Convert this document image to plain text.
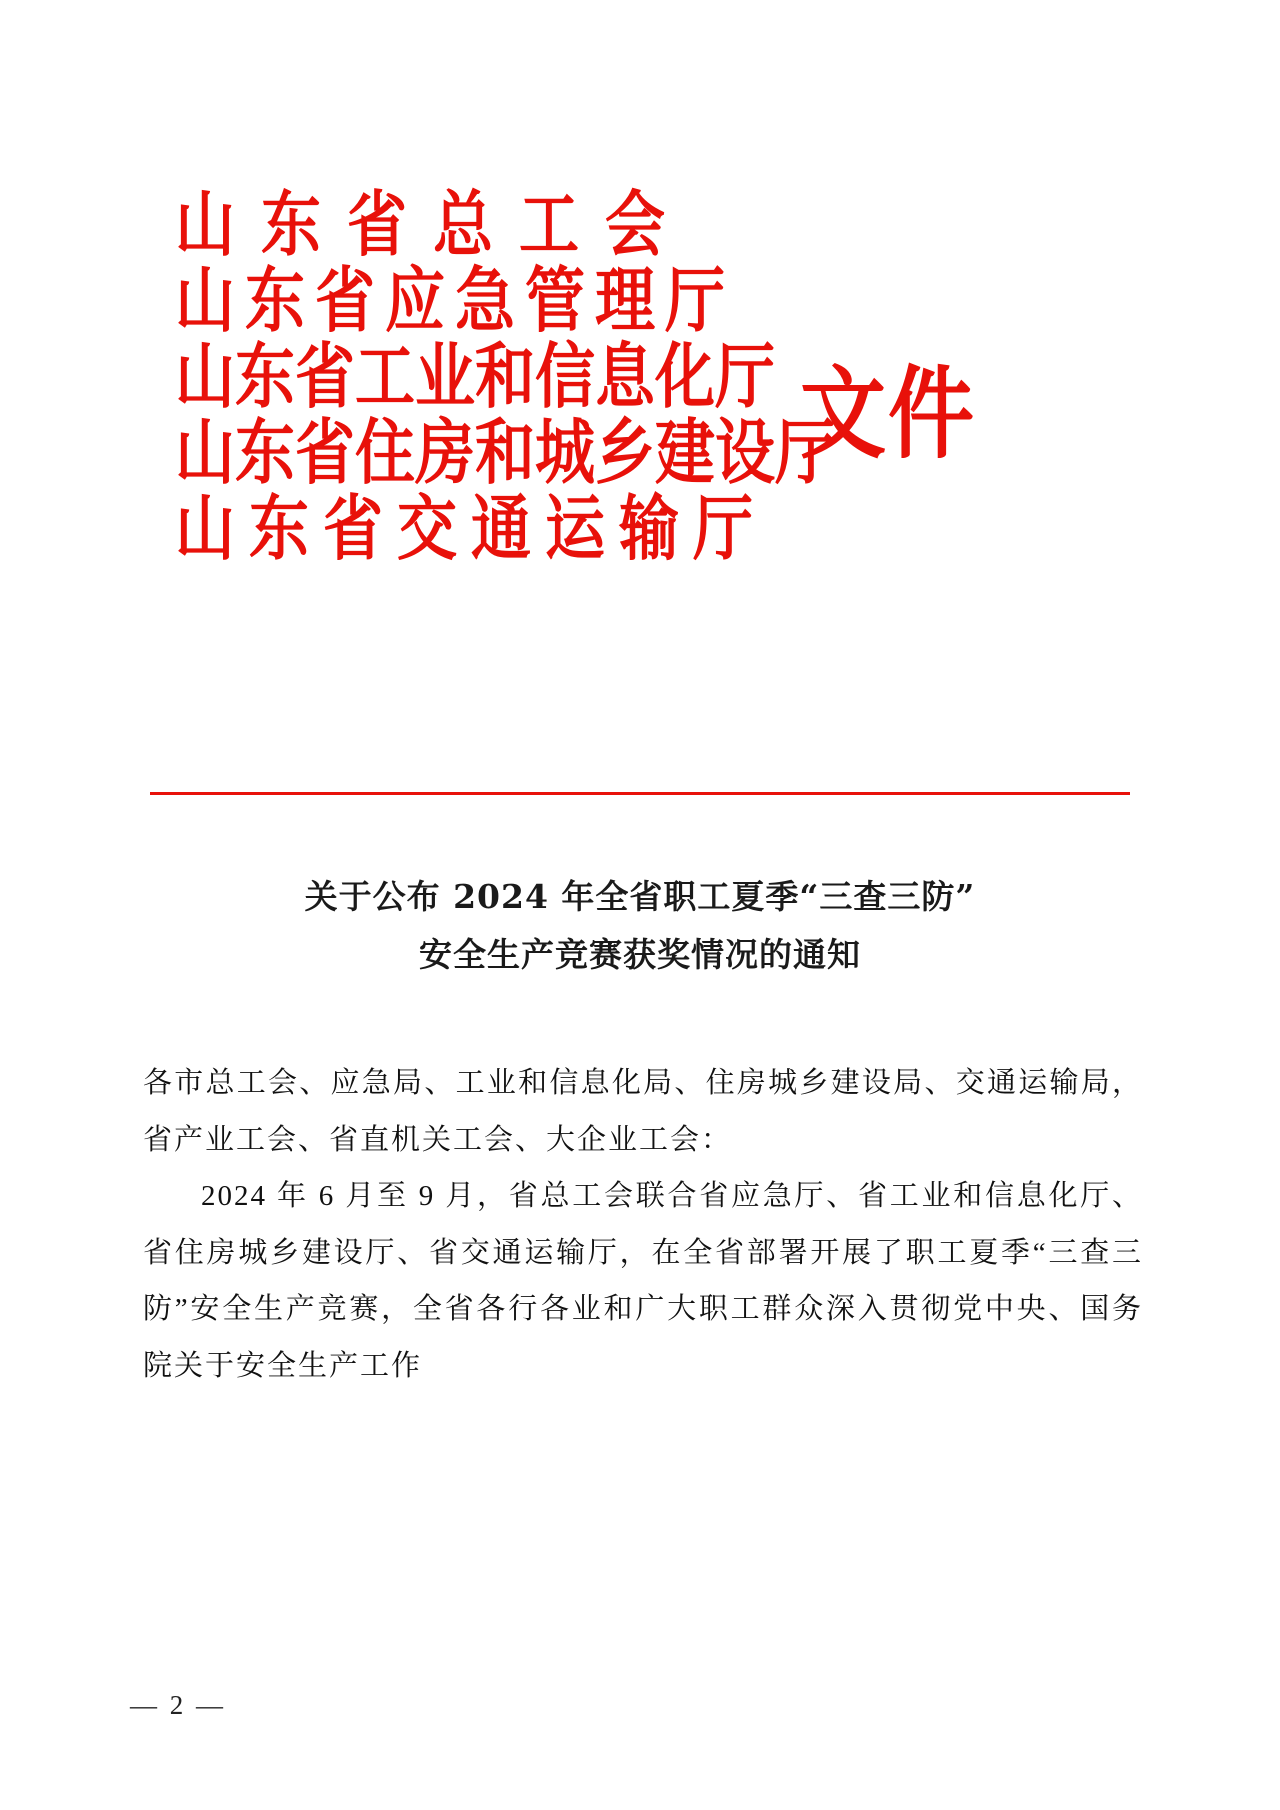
山东省总工会
山东省应急管理厅
山东省工业和信息化厅
山东省住房和城乡建设厅
山东省交通运输厅
文件
关于公布 2024 年全省职工夏季“三查三防”
安全生产竞赛获奖情况的通知

各市总工会、应急局、工业和信息化局、住房城乡建设局、交通运输局，省产业工会、省直机关工会、大企业工会：

2024 年 6 月至 9 月，省总工会联合省应急厅、省工业和信息化厅、省住房城乡建设厅、省交通运输厅，在全省部署开展了职工夏季“三查三防”安全生产竞赛，全省各行各业和广大职工群众深入贯彻党中央、国务院关于安全生产工作

— 2 —
